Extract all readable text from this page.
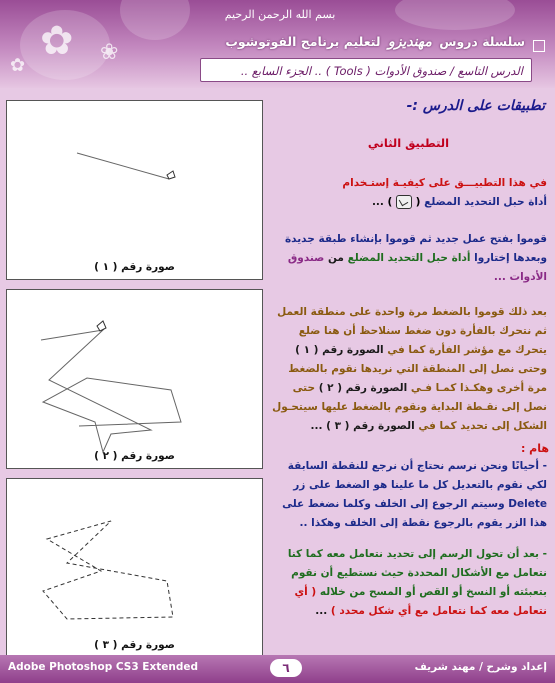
✿ ❀
✿
بسم الله الرحمن الرحيم
سلسلة دروس مهنديزو لتعليم برنامج الفوتوشوب
الدرس التاسع / صندوق الأدوات ( Tools ) .. الجزء السابع ..
صورة رقم ( ١ )
صورة رقم ( ٢ )
صورة رقم ( ٣ )
تطبيقات على الدرس :-
التطبيق الثاني
في هذا التطبيـــق على كيفيـة إستـخدام
أداة حبل التحديد المضلع (  ) ...
قوموا بفتح عمل جديد ثم قوموا بإنشاء طبقة جديدة وبعدها إختاروا أداة حبل التحديد المضلع من صندوق الأدوات ...
بعد ذلك قوموا بالضغط مرة واحدة على منطقة العمل ثم نتحرك بالفأرة دون ضغط سنلاحظ أن هنا ضلع يتحرك مع مؤشر الفأرة كما في الصورة رقم ( ١ ) وحتى نصل إلى المنطقة التي نريدها نقوم بالضغط مرة أخرى وهكـذا كمـا فـي الصورة رقم ( ٢ ) حتى نصل إلى نقـطة البداية ونقوم بالضغط عليها سيتحـول الشكل إلى تحديد كما في الصورة رقم ( ٣ ) ...
هام :
- أحيانًا ونحن نرسم نحتاج أن نرجع للنقطة السابقة لكي نقوم بالتعديل كل ما علينا هو الضغط على زر Delete وسيتم الرجوع إلى الخلف وكلما نضغط على هذا الزر يقوم بالرجوع نقطة إلى الخلف وهكذا ..
- بعد أن تحول الرسم إلى تحديد نتعامل معه كما كنا نتعامل مع الأشكال المحددة حيث نستطيع أن نقوم بتعبئته أو النسخ أو القص أو المسح من خلاله ( أي نتعامل معه كما نتعامل مع أي شكل محدد ) ...
Adobe Photoshop CS3 Extended	٦	إعداد وشرح / مهند شريف
